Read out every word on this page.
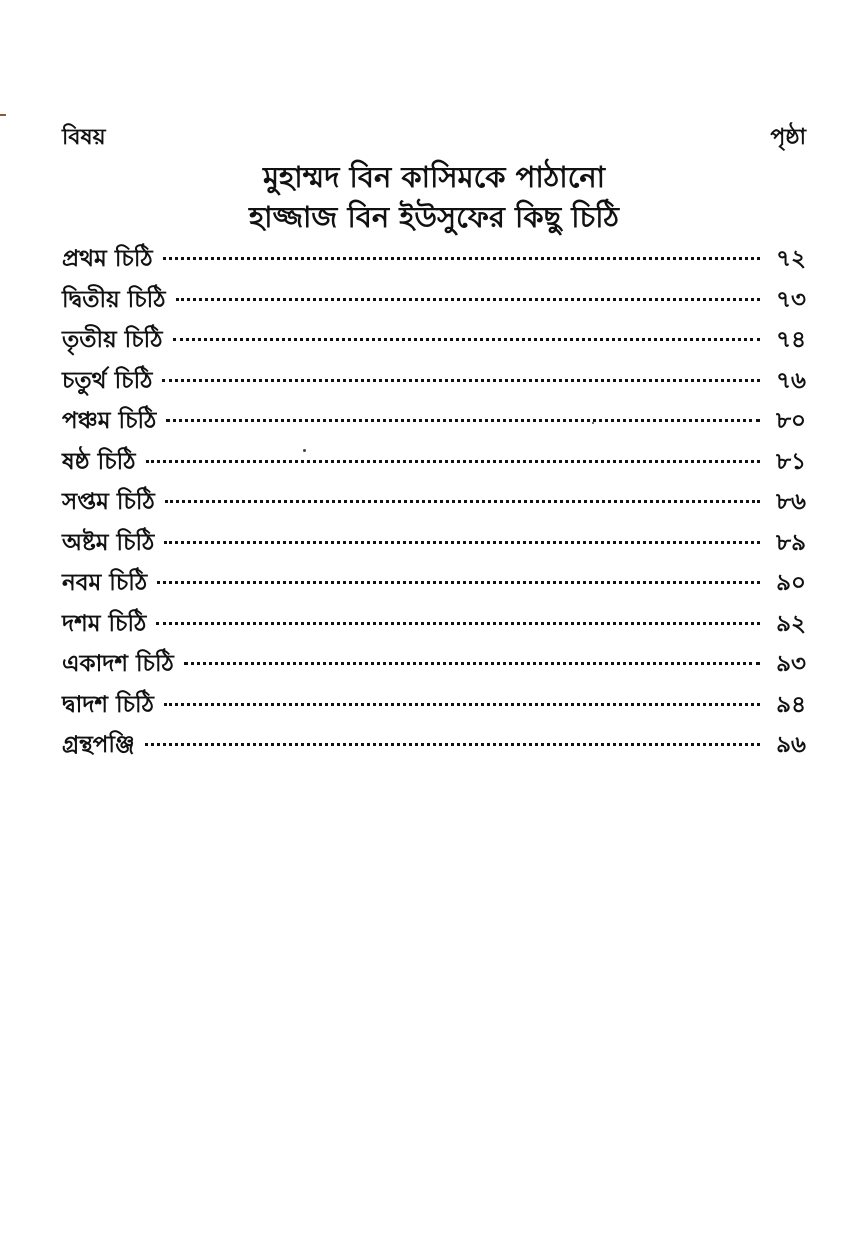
বিষয়	পৃষ্ঠা
মুহাম্মদ বিন কাসিমকে পাঠানো
হাজ্জাজ বিন ইউসুফের কিছু চিঠি
প্রথম চিঠি	৭২
দ্বিতীয় চিঠি	৭৩
তৃতীয় চিঠি	৭৪
চতুর্থ চিঠি	৭৬
পঞ্চম চিঠি	৮০
ষষ্ঠ চিঠি	৮১
সপ্তম চিঠি	৮৬
অষ্টম চিঠি	৮৯
নবম চিঠি	৯০
দশম চিঠি	৯২
একাদশ চিঠি	৯৩
দ্বাদশ চিঠি	৯৪
গ্রন্থপঞ্জি	৯৬
